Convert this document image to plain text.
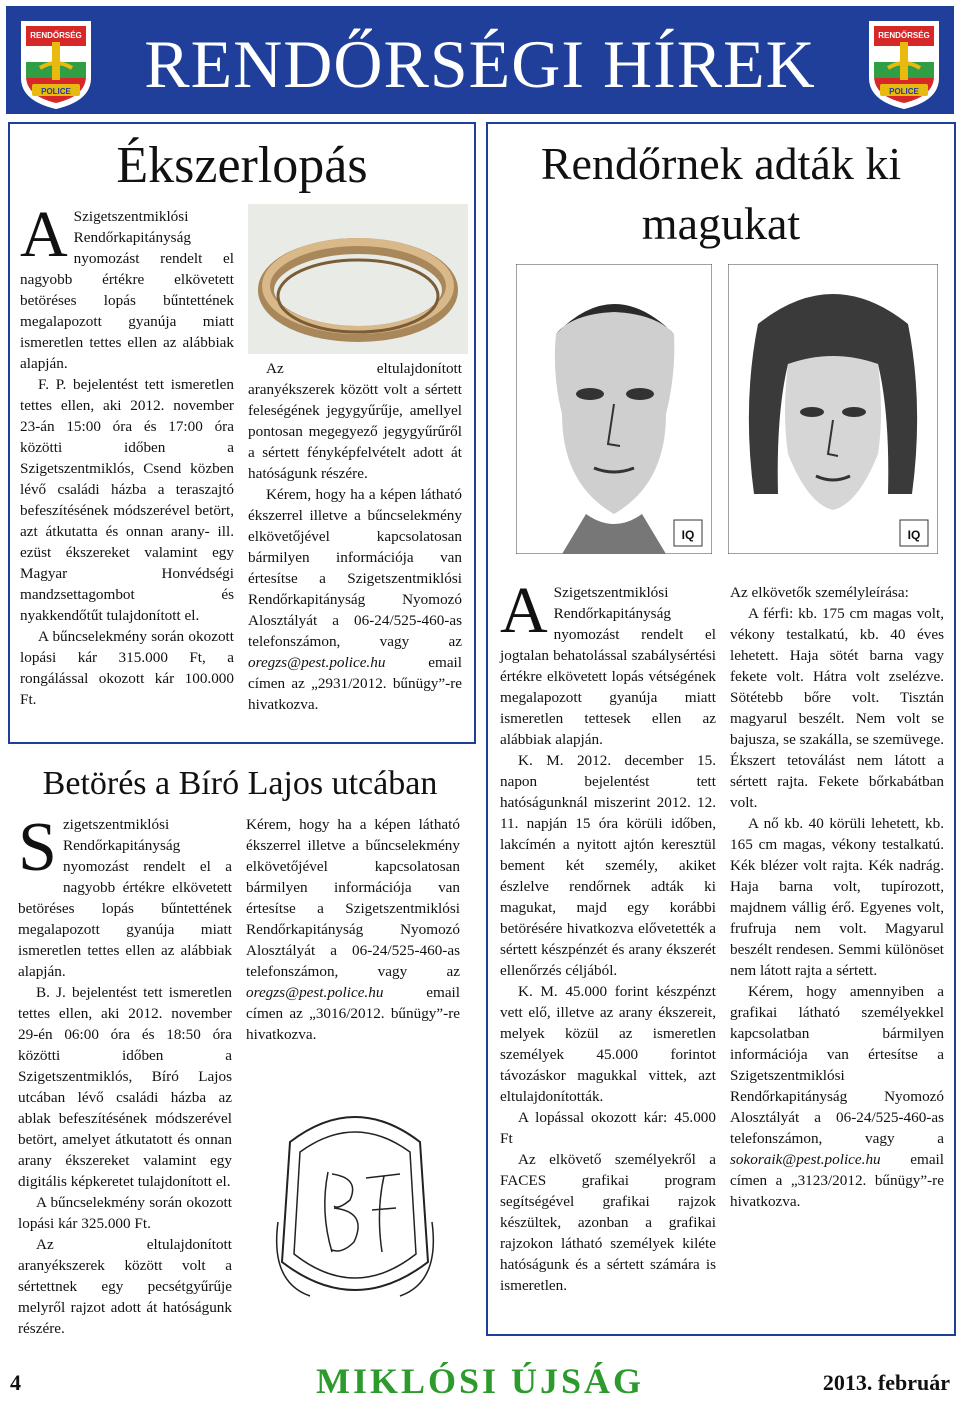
POLICE
RENDŐRSÉG RENDŐRSÉGI HÍREK	POLICE
RENDŐRSÉG
Ékszerlopás

A Szigetszentmiklósi Rendőrkapitányság nyomozást rendelt el nagyobb értékre elkövetett betöréses lopás bűntettének megalapozott gyanúja miatt ismeretlen tettes ellen az alábbiak alapján.

F. P. bejelentést tett ismeretlen tettes ellen, aki 2012. november 23-án 15:00 óra és 17:00 óra közötti időben a Szigetszentmiklós, Csend közben lévő családi házba a teraszajtó befeszítésének módszerével betört, azt átkutatta és onnan arany- ill. ezüst ékszereket valamint egy Magyar Honvédségi mandzsettagombot és nyakkendőtűt tulajdonított el.

A bűncselekmény során okozott lopási kár 315.000 Ft, a rongálással okozott kár 100.000 Ft.

Az eltulajdonított aranyékszerek között volt a sértett feleségének jegygyűrűje, amellyel pontosan megegyező jegygyűrűről a sértett fényképfelvételt adott át hatóságunk részére.

Kérem, hogy ha a képen látható ékszerrel illetve a bűncselekmény elkövetőjével kapcsolatosan bármilyen információja van értesítse a Szigetszentmiklósi Rendőrkapitányság Nyomozó Alosztályát a 06-24/525-460-as telefonszámon, vagy az oregzs@pest.police.hu email címen az „2931/2012. bűnügy”-re hivatkozva.

Betörés a Bíró Lajos utcában

Szigetszentmiklósi Rendőrkapitányság nyomozást rendelt el a nagyobb értékre elkövetett betöréses lopás bűntettének megalapozott gyanúja miatt ismeretlen tettes ellen az alábbiak alapján.

B. J. bejelentést tett ismeretlen tettes ellen, aki 2012. november 29-én 06:00 óra és 18:50 óra közötti időben a Szigetszentmiklós, Bíró Lajos utcában lévő családi házba az ablak befeszítésének módszerével betört, amelyet átkutatott és onnan arany ékszereket valamint egy digitális képkeretet tulajdonított el.

A bűncselekmény során okozott lopási kár 325.000 Ft.

Az eltulajdonított aranyékszerek között volt a sértettnek egy pecsétgyűrűje melyről rajzot adott át hatóságunk részére.

Kérem, hogy ha a képen látható ékszerrel illetve a bűncselekmény elkövetőjével kapcsolatosan bármilyen információja van értesítse a Szigetszentmiklósi Rendőrkapitányság Nyomozó Alosztályát a 06-24/525-460-as telefonszámon, vagy az oregzs@pest.police.hu email címen az „3016/2012. bűnügy”-re hivatkozva.

Rendőrnek adták ki magukat
IQ	IQ

A Szigetszentmiklósi Rendőrkapitányság nyomozást rendelt el jogtalan behatolással szabálysértési értékre elkövetett lopás vétségének megalapozott gyanúja miatt ismeretlen tettesek ellen az alábbiak alapján.

K. M. 2012. december 15. napon bejelentést tett hatóságunknál miszerint 2012. 12. 11. napján 15 óra körüli időben, lakcímén a nyitott ajtón keresztül bement két személy, akiket észlelve rendőrnek adták ki magukat, majd egy korábbi betörésére hivatkozva elővetették a sértett készpénzét és arany ékszerét ellenőrzés céljából.

K. M. 45.000 forint készpénzt vett elő, illetve az arany ékszereit, melyek közül az ismeretlen személyek 45.000 forintot távozáskor magukkal vittek, azt eltulajdonították.

A lopással okozott kár: 45.000 Ft

Az elkövető személyekről a FACES grafikai program segítségével grafikai rajzok készültek, azonban a grafikai rajzokon látható személyek kiléte hatóságunk és a sértett számára is ismeretlen.

Az elkövetők személyleírása:

A férfi: kb. 175 cm magas volt, vékony testalkatú, kb. 40 éves lehetett. Haja sötét barna vagy fekete volt. Hátra volt zselézve. Sötétebb bőre volt. Tisztán magyarul beszélt. Nem volt se bajusza, se szakálla, se szemüvege. Ékszert tetoválást nem látott a sértett rajta. Fekete bőrkabátban volt.

A nő kb. 40 körüli lehetett, kb. 165 cm magas, vékony testalkatú. Kék blézer volt rajta. Kék nadrág. Haja barna volt, tupírozott, majdnem vállig érő. Egyenes volt, frufruja nem volt. Magyarul beszélt rendesen. Semmi különöset nem látott rajta a sértett.

Kérem, hogy amennyiben a grafikai látható személyekkel kapcsolatban bármilyen információja van értesítse a Szigetszentmiklósi Rendőrkapitányság Nyomozó Alosztályát a 06-24/525-460-as telefonszámon, vagy a sokoraik@pest.police.hu email címen a „3123/2012. bűnügy”-re hivatkozva.

4	MIKLÓSI ÚJSÁG	2013. február
